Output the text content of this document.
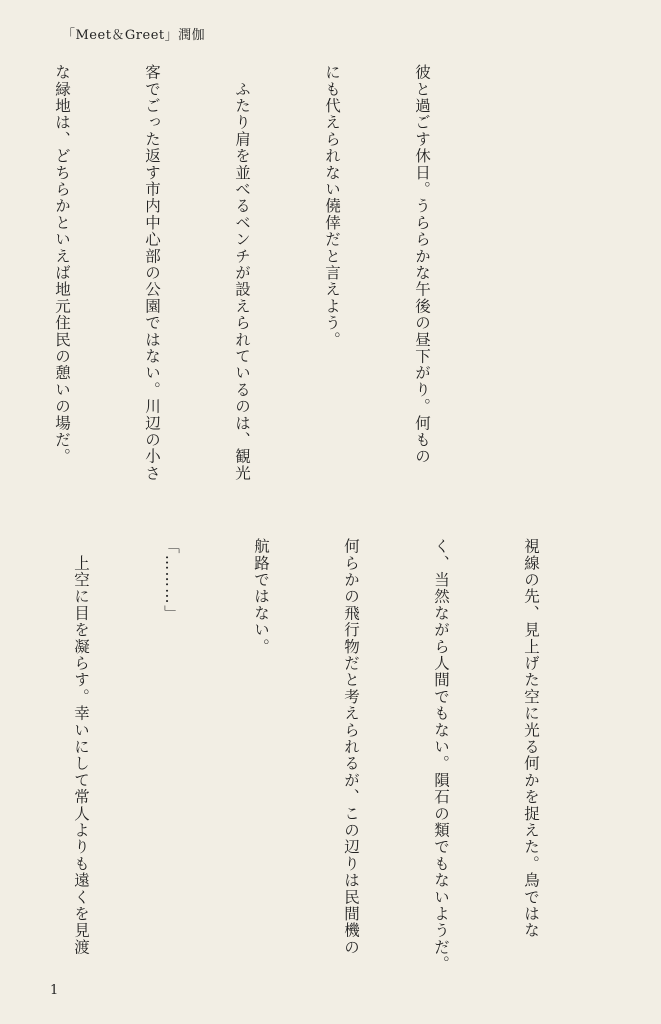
「Meet＆Greet」潤伽

彼と過ごす休日。うららかな午後の昼下がり。何もの

にも代えられない僥倖だと言えよう。

　ふたり肩を並べるベンチが設えられているのは、観光

客でごった返す市内中心部の公園ではない。川辺の小さ

な緑地は、どちらかといえば地元住民の憩いの場だ。

視線の先、見上げた空に光る何かを捉えた。鳥ではな

く、当然ながら人間でもない。隕石の類でもないようだ。

何らかの飛行物だと考えられるが、この辺りは民間機の

航路ではない。

「………」

　上空に目を凝らす。幸いにして常人よりも遠くを見渡

1
